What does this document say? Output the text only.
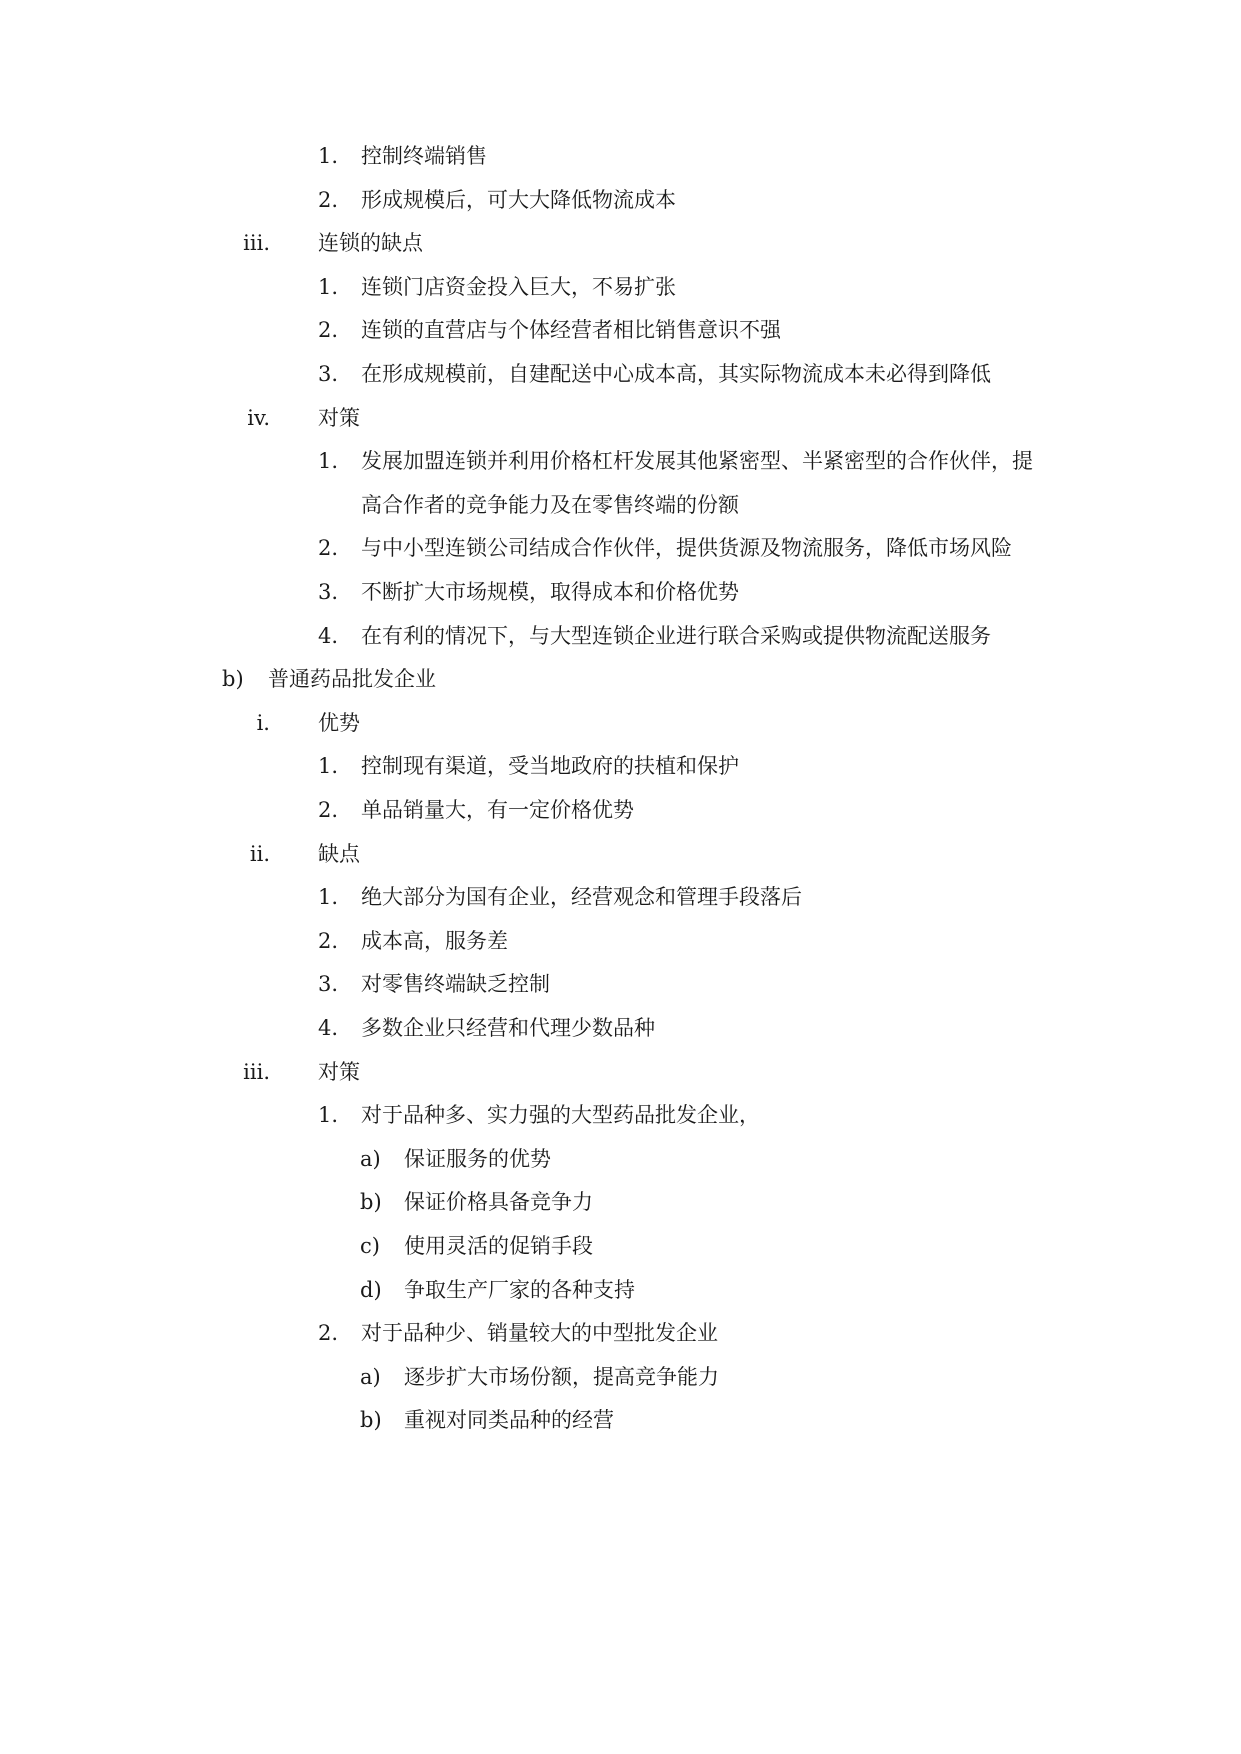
1.	控制终端销售
2.	形成规模后，可大大降低物流成本
iii. 连锁的缺点
1.	连锁门店资金投入巨大，不易扩张
2.	连锁的直营店与个体经营者相比销售意识不强
3.	在形成规模前，自建配送中心成本高，其实际物流成本未必得到降低
iv. 对策
1.	发展加盟连锁并利用价格杠杆发展其他紧密型、半紧密型的合作伙伴，提
高合作者的竞争能力及在零售终端的份额
2.	与中小型连锁公司结成合作伙伴，提供货源及物流服务，降低市场风险
3.	不断扩大市场规模，取得成本和价格优势
4.	在有利的情况下，与大型连锁企业进行联合采购或提供物流配送服务
b)	普通药品批发企业
i. 优势
1.	控制现有渠道，受当地政府的扶植和保护
2.	单品销量大，有一定价格优势
ii. 缺点
1.	绝大部分为国有企业，经营观念和管理手段落后
2.	成本高，服务差
3.	对零售终端缺乏控制
4.	多数企业只经营和代理少数品种
iii. 对策
1.	对于品种多、实力强的大型药品批发企业，
a)	保证服务的优势
b)	保证价格具备竞争力
c)	使用灵活的促销手段
d)	争取生产厂家的各种支持
2.	对于品种少、销量较大的中型批发企业
a)	逐步扩大市场份额，提高竞争能力
b)	重视对同类品种的经营
